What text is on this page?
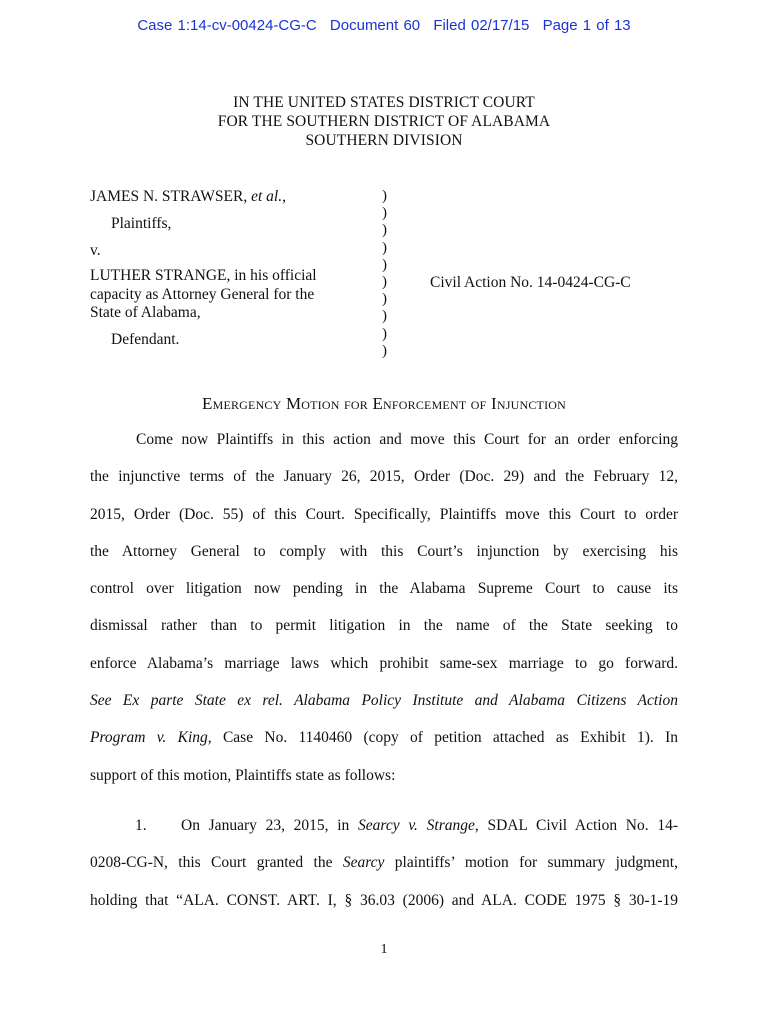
Case 1:14-cv-00424-CG-C Document 60 Filed 02/17/15 Page 1 of 13
IN THE UNITED STATES DISTRICT COURT
FOR THE SOUTHERN DISTRICT OF ALABAMA
SOUTHERN DIVISION
JAMES N. STRAWSER, et al.,
Plaintiffs,
v.
LUTHER STRANGE, in his official
capacity as Attorney General for the
State of Alabama,
Defendant.
)
)
)
)
)
)
)
)
)
)
Civil Action No. 14-0424-CG-C
Emergency Motion for Enforcement of Injunction
Come now Plaintiffs in this action and move this Court for an order enforcing
the injunctive terms of the January 26, 2015, Order (Doc. 29) and the February 12,
2015, Order (Doc. 55) of this Court. Specifically, Plaintiffs move this Court to order
the Attorney General to comply with this Court’s injunction by exercising his
control over litigation now pending in the Alabama Supreme Court to cause its
dismissal rather than to permit litigation in the name of the State seeking to
enforce Alabama’s marriage laws which prohibit same-sex marriage to go forward.
See Ex parte State ex rel. Alabama Policy Institute and Alabama Citizens Action
Program v. King, Case No. 1140460 (copy of petition attached as Exhibit 1). In
support of this motion, Plaintiffs state as follows:
1. On January 23, 2015, in Searcy v. Strange, SDAL Civil Action No. 14-
0208-CG-N, this Court granted the Searcy plaintiffs’ motion for summary judgment,
holding that “ALA. CONST. ART. I, § 36.03 (2006) and ALA. CODE 1975 § 30-1-19
1
